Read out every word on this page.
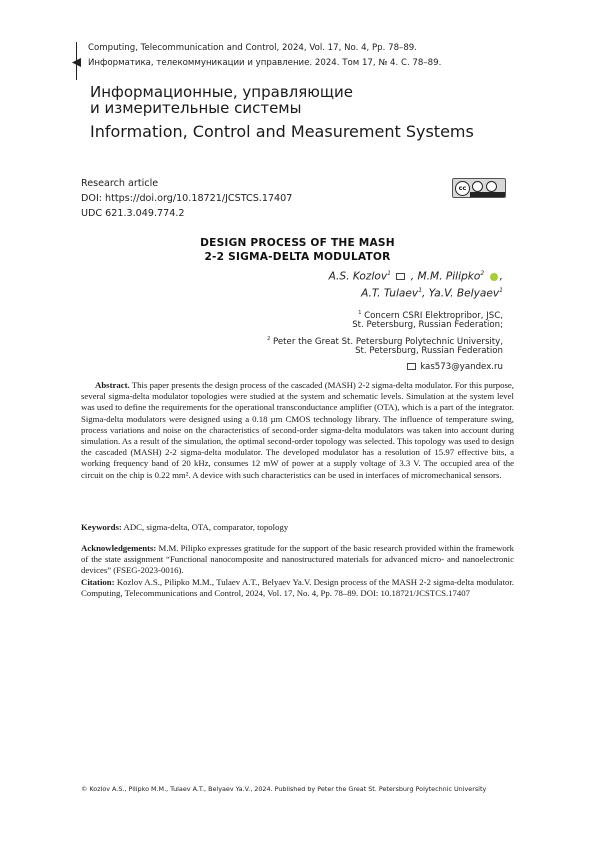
Computing, Telecommunication and Control, 2024, Vol. 17, No. 4, Pp. 78–89.
Информатика, телекоммуникации и управление. 2024. Том 17, № 4. С. 78–89.
Информационные, управляющие
и измерительные системы
Information, Control and Measurement Systems
Research article
DOI: https://doi.org/10.18721/JCSTCS.17407
UDC 621.3.049.774.2
cc
DESIGN PROCESS OF THE MASH
2-2 SIGMA-DELTA MODULATOR
A.S. Kozlov$^1$  , M.M. Pilipko$^2$ ,
A.T. Tulaev$^1$, Ya.V. Belyaev$^1$
$^1$ Concern CSRI Elektropribor, JSC,
St. Petersburg, Russian Federation;
$^2$ Peter the Great St. Petersburg Polytechnic University,
St. Petersburg, Russian Federation
kas573@yandex.ru
Abstract. This paper presents the design process of the cascaded (MASH) 2-2 sigma-delta modulator. For this purpose, several sigma-delta modulator topologies were studied at the system and schematic levels. Simulation at the system level was used to define the requirements for the operational transconductance amplifier (OTA), which is a part of the integrator. Sigma-delta modulators were designed using a 0.18 µm CMOS technology library. The influence of temperature swing, process variations and noise on the characteristics of second-order sigma-delta modulators was taken into account during simulation. As a result of the simulation, the optimal second-order topology was selected. This topology was used to design the cascaded (MASH) 2-2 sigma-delta modulator. The developed modulator has a resolution of 15.97 effective bits, a working frequency band of 20 kHz, consumes 12 mW of power at a supply voltage of 3.3 V. The occupied area of the circuit on the chip is 0.22 mm². A device with such characteristics can be used in interfaces of micromechanical sensors.
Keywords: ADC, sigma-delta, OTA, comparator, topology
Acknowledgements: M.M. Pilipko expresses gratitude for the support of the basic research provided within the framework of the state assignment “Functional nanocomposite and nanostructured materials for advanced micro- and nanoelectronic devices” (FSEG-2023-0016).
Citation: Kozlov A.S., Pilipko M.M., Tulaev A.T., Belyaev Ya.V. Design process of the MASH 2-2 sigma-delta modulator. Computing, Telecommunications and Control, 2024, Vol. 17, No. 4, Pp. 78–89. DOI: 10.18721/JCSTCS.17407
© Kozlov A.S., Pilipko M.M., Tulaev A.T., Belyaev Ya.V., 2024. Published by Peter the Great St. Petersburg Polytechnic University
